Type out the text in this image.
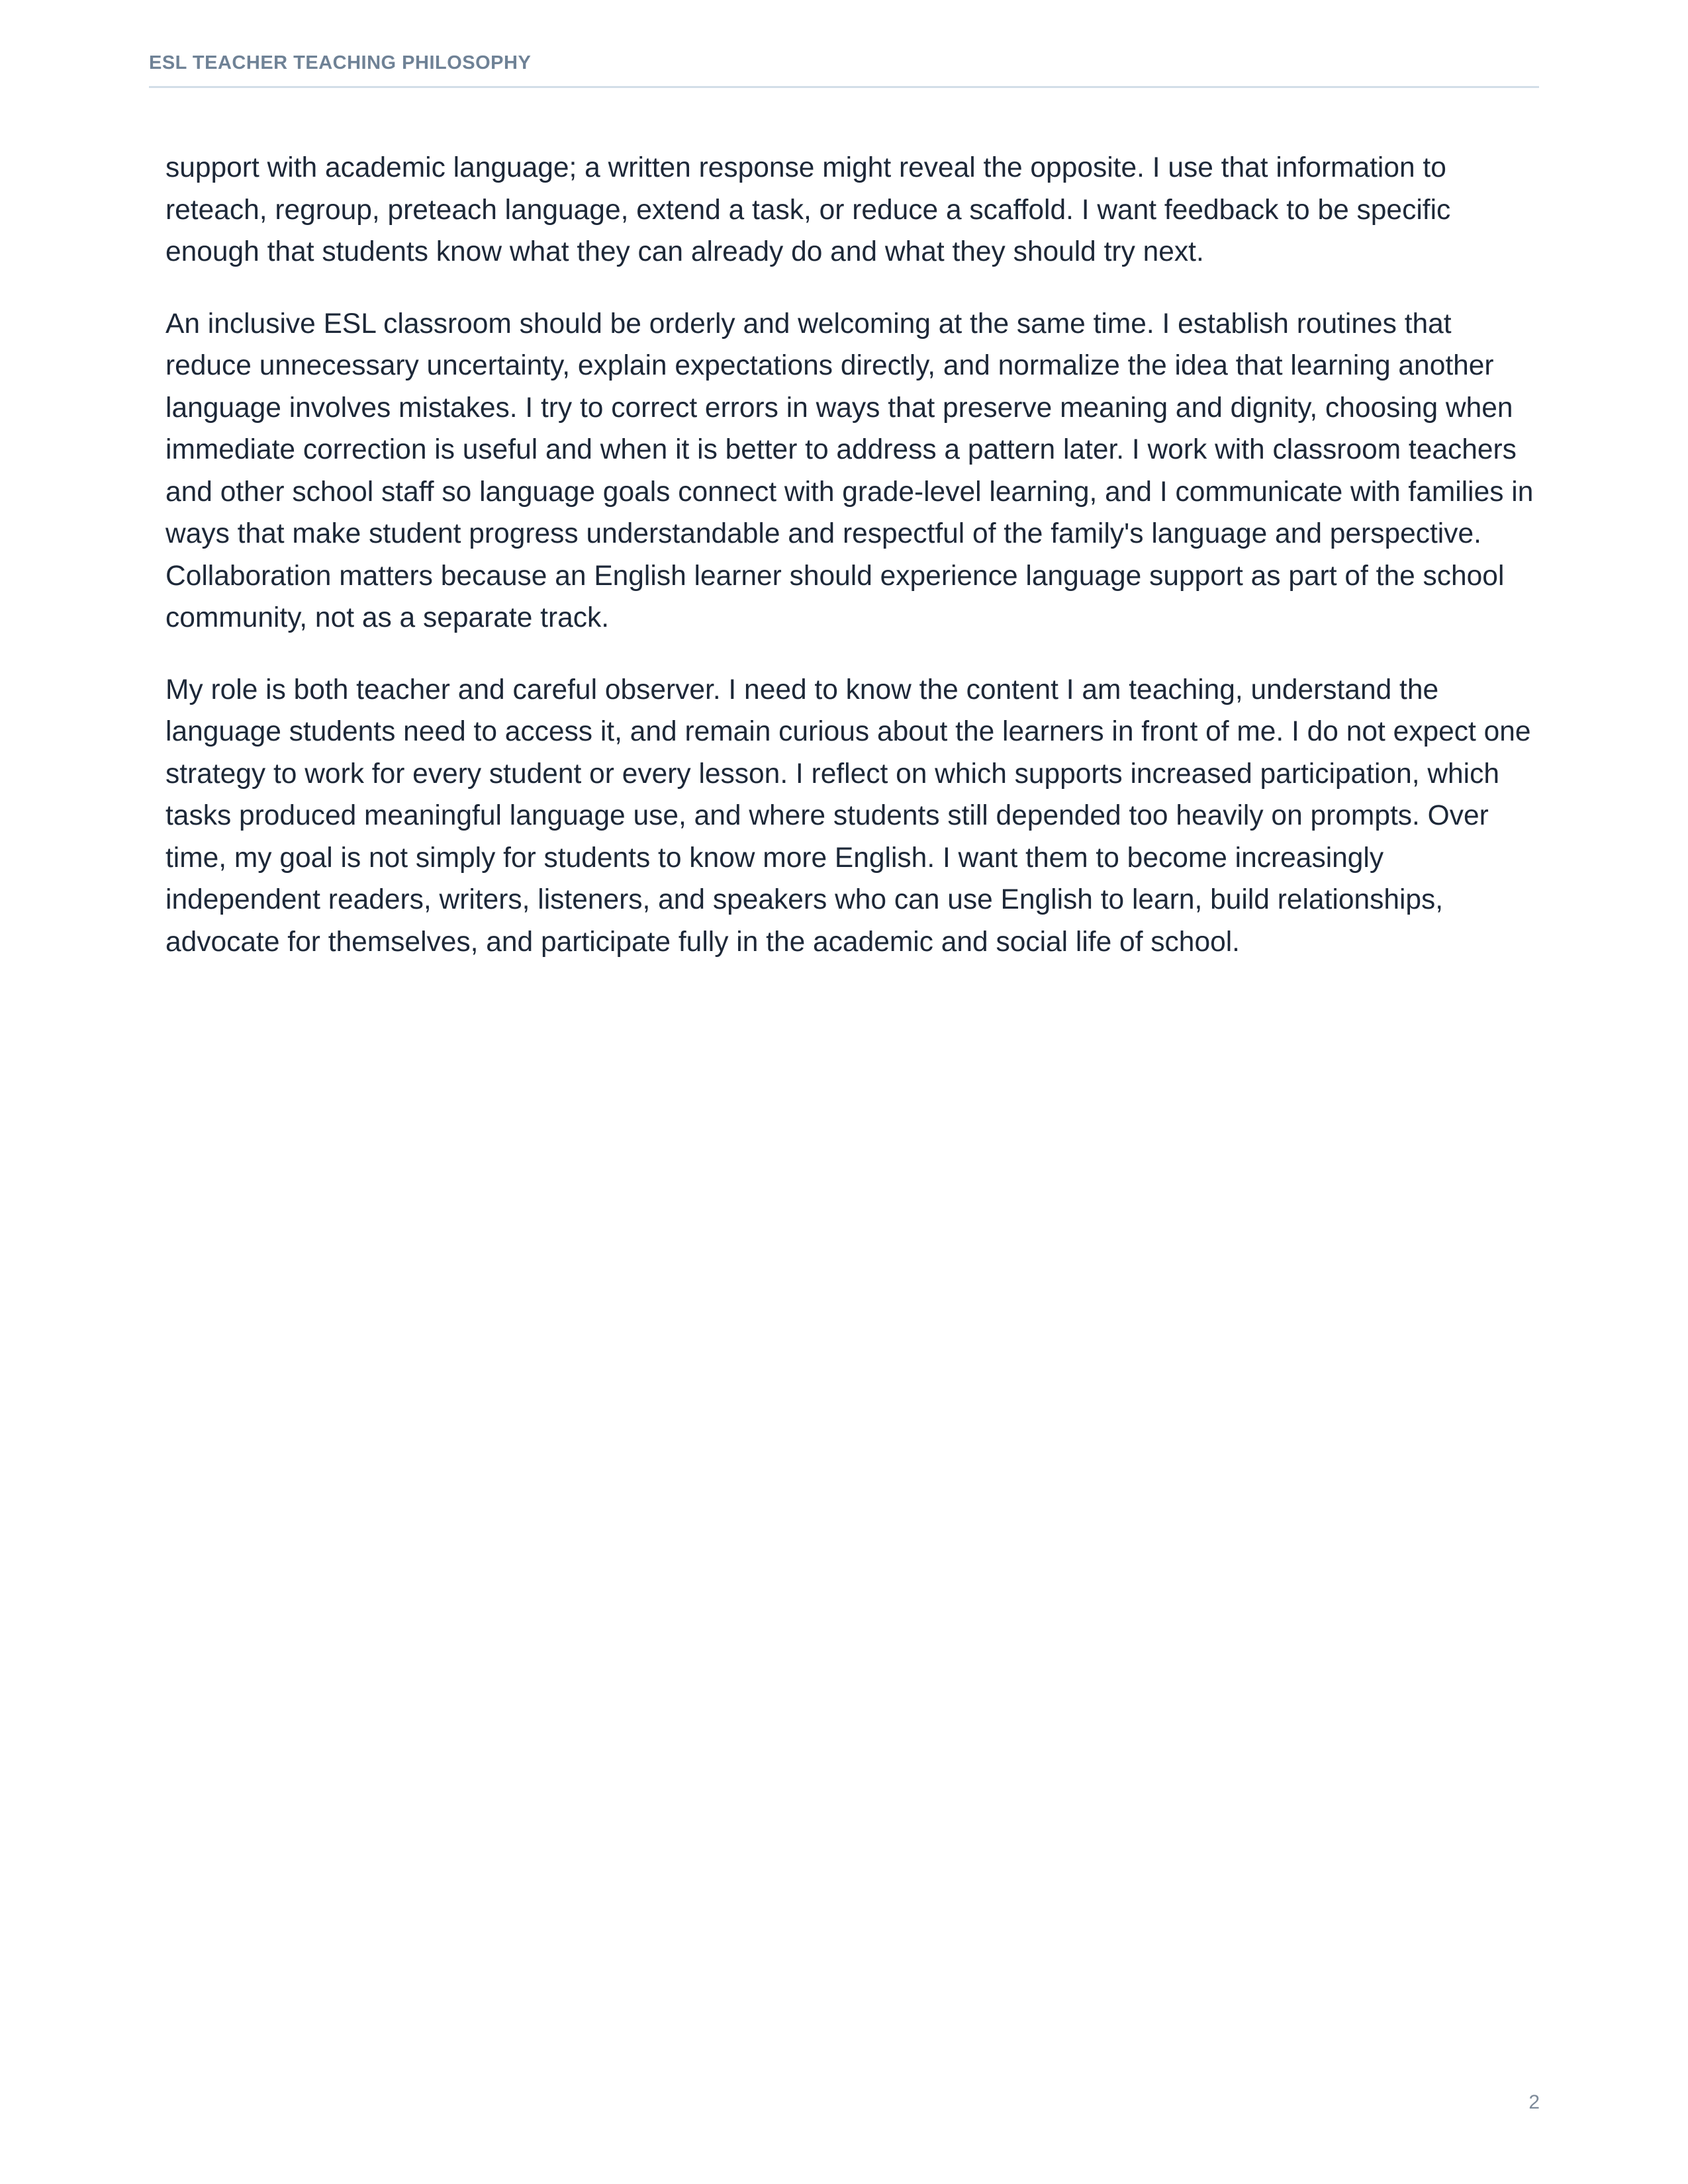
ESL TEACHER TEACHING PHILOSOPHY

support with academic language; a written response might reveal the opposite. I use that information to reteach, regroup, preteach language, extend a task, or reduce a scaffold. I want feedback to be specific enough that students know what they can already do and what they should try next.

An inclusive ESL classroom should be orderly and welcoming at the same time. I establish routines that reduce unnecessary uncertainty, explain expectations directly, and normalize the idea that learning another language involves mistakes. I try to correct errors in ways that preserve meaning and dignity, choosing when immediate correction is useful and when it is better to address a pattern later. I work with classroom teachers and other school staff so language goals connect with grade-level learning, and I communicate with families in ways that make student progress understandable and respectful of the family's language and perspective. Collaboration matters because an English learner should experience language support as part of the school community, not as a separate track.

My role is both teacher and careful observer. I need to know the content I am teaching, understand the language students need to access it, and remain curious about the learners in front of me. I do not expect one strategy to work for every student or every lesson. I reflect on which supports increased participation, which tasks produced meaningful language use, and where students still depended too heavily on prompts. Over time, my goal is not simply for students to know more English. I want them to become increasingly independent readers, writers, listeners, and speakers who can use English to learn, build relationships, advocate for themselves, and participate fully in the academic and social life of school.

2
